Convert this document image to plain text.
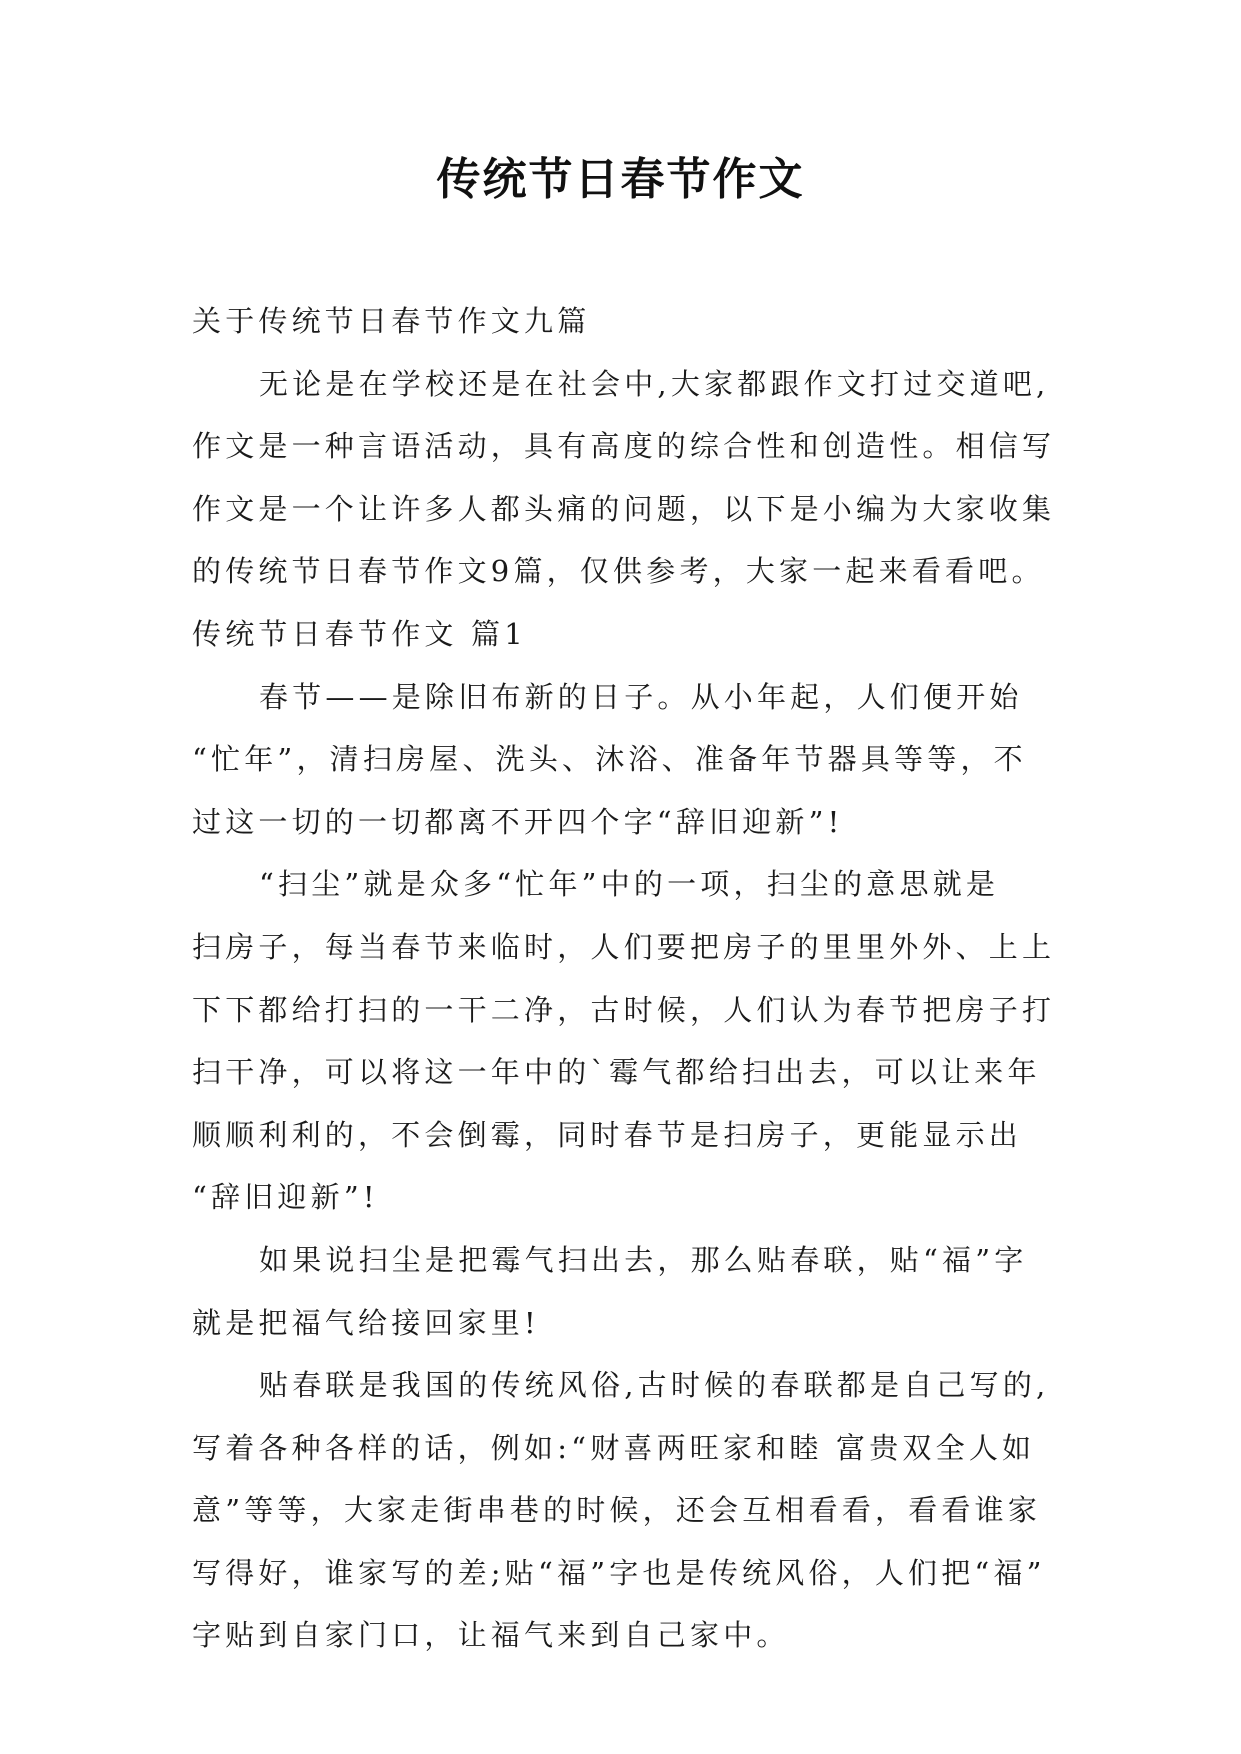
传统节日春节作文
关于传统节日春节作文九篇
无论是在学校还是在社会中,大家都跟作文打过交道吧,
作文是一种言语活动，具有高度的综合性和创造性。相信写
作文是一个让许多人都头痛的问题，以下是小编为大家收集
的传统节日春节作文9篇，仅供参考，大家一起来看看吧。
传统节日春节作文 篇1
春节——是除旧布新的日子。从小年起，人们便开始
“忙年”，清扫房屋、洗头、沐浴、准备年节器具等等，不
过这一切的一切都离不开四个字“辞旧迎新”!
“扫尘”就是众多“忙年”中的一项，扫尘的意思就是
扫房子，每当春节来临时，人们要把房子的里里外外、上上
下下都给打扫的一干二净，古时候，人们认为春节把房子打
扫干净，可以将这一年中的`霉气都给扫出去，可以让来年
顺顺利利的，不会倒霉，同时春节是扫房子，更能显示出
“辞旧迎新”!
如果说扫尘是把霉气扫出去，那么贴春联，贴“福”字
就是把福气给接回家里!
贴春联是我国的传统风俗,古时候的春联都是自己写的,
写着各种各样的话，例如:“财喜两旺家和睦 富贵双全人如
意”等等，大家走街串巷的时候，还会互相看看，看看谁家
写得好，谁家写的差;贴“福”字也是传统风俗，人们把“福”
字贴到自家门口，让福气来到自己家中。
